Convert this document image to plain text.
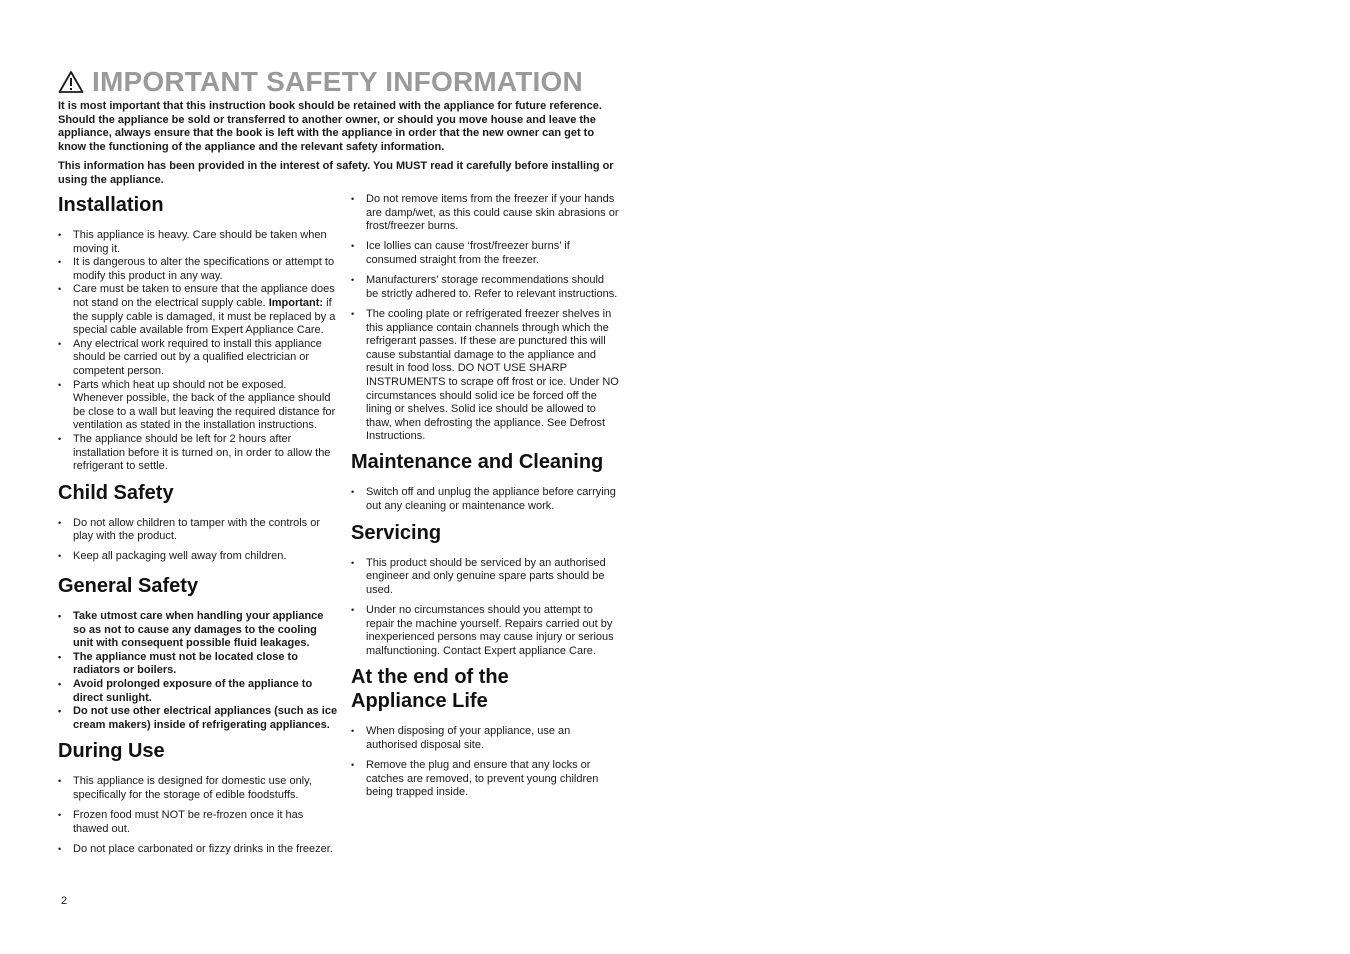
IMPORTANT SAFETY INFORMATION

It is most important that this instruction book should be retained with the appliance for future reference. Should the appliance be sold or transferred to another owner, or should you move house and leave the appliance, always ensure that the book is left with the appliance in order that the new owner can get to know the functioning of the appliance and the relevant safety information.

This information has been provided in the interest of safety. You MUST read it carefully before installing or using the appliance.

Installation
• This appliance is heavy. Care should be taken when moving it.
• It is dangerous to alter the specifications or attempt to modify this product in any way.
• Care must be taken to ensure that the appliance does not stand on the electrical supply cable. Important: if the supply cable is damaged, it must be replaced by a special cable available from Expert Appliance Care.
• Any electrical work required to install this appliance should be carried out by a qualified electrician or competent person.
• Parts which heat up should not be exposed. Whenever possible, the back of the appliance should be close to a wall but leaving the required distance for ventilation as stated in the installation instructions.
• The appliance should be left for 2 hours after installation before it is turned on, in order to allow the refrigerant to settle.
Child Safety
• Do not allow children to tamper with the controls or play with the product.
• Keep all packaging well away from children.
General Safety
• Take utmost care when handling your appliance so as not to cause any damages to the cooling unit with consequent possible fluid leakages.
• The appliance must not be located close to radiators or boilers.
• Avoid prolonged exposure of the appliance to direct sunlight.
• Do not use other electrical appliances (such as ice cream makers) inside of refrigerating appliances.
During Use
• This appliance is designed for domestic use only, specifically for the storage of edible foodstuffs.
• Frozen food must NOT be re-frozen once it has thawed out.
• Do not place carbonated or fizzy drinks in the freezer.
• Do not remove items from the freezer if your hands are damp/wet, as this could cause skin abrasions or frost/freezer burns.
• Ice lollies can cause ‘frost/freezer burns’ if consumed straight from the freezer.
• Manufacturers’ storage recommendations should be strictly adhered to. Refer to relevant instructions.
• The cooling plate or refrigerated freezer shelves in this appliance contain channels through which the refrigerant passes. If these are punctured this will cause substantial damage to the appliance and result in food loss. DO NOT USE SHARP INSTRUMENTS to scrape off frost or ice. Under NO circumstances should solid ice be forced off the lining or shelves. Solid ice should be allowed to thaw, when defrosting the appliance. See Defrost Instructions.
Maintenance and Cleaning
• Switch off and unplug the appliance before carrying out any cleaning or maintenance work.
Servicing
• This product should be serviced by an authorised engineer and only genuine spare parts should be used.
• Under no circumstances should you attempt to repair the machine yourself. Repairs carried out by inexperienced persons may cause injury or serious malfunctioning. Contact Expert appliance Care.
At the end of the
Appliance Life
• When disposing of your appliance, use an authorised disposal site.
• Remove the plug and ensure that any locks or catches are removed, to prevent young children being trapped inside.
2
